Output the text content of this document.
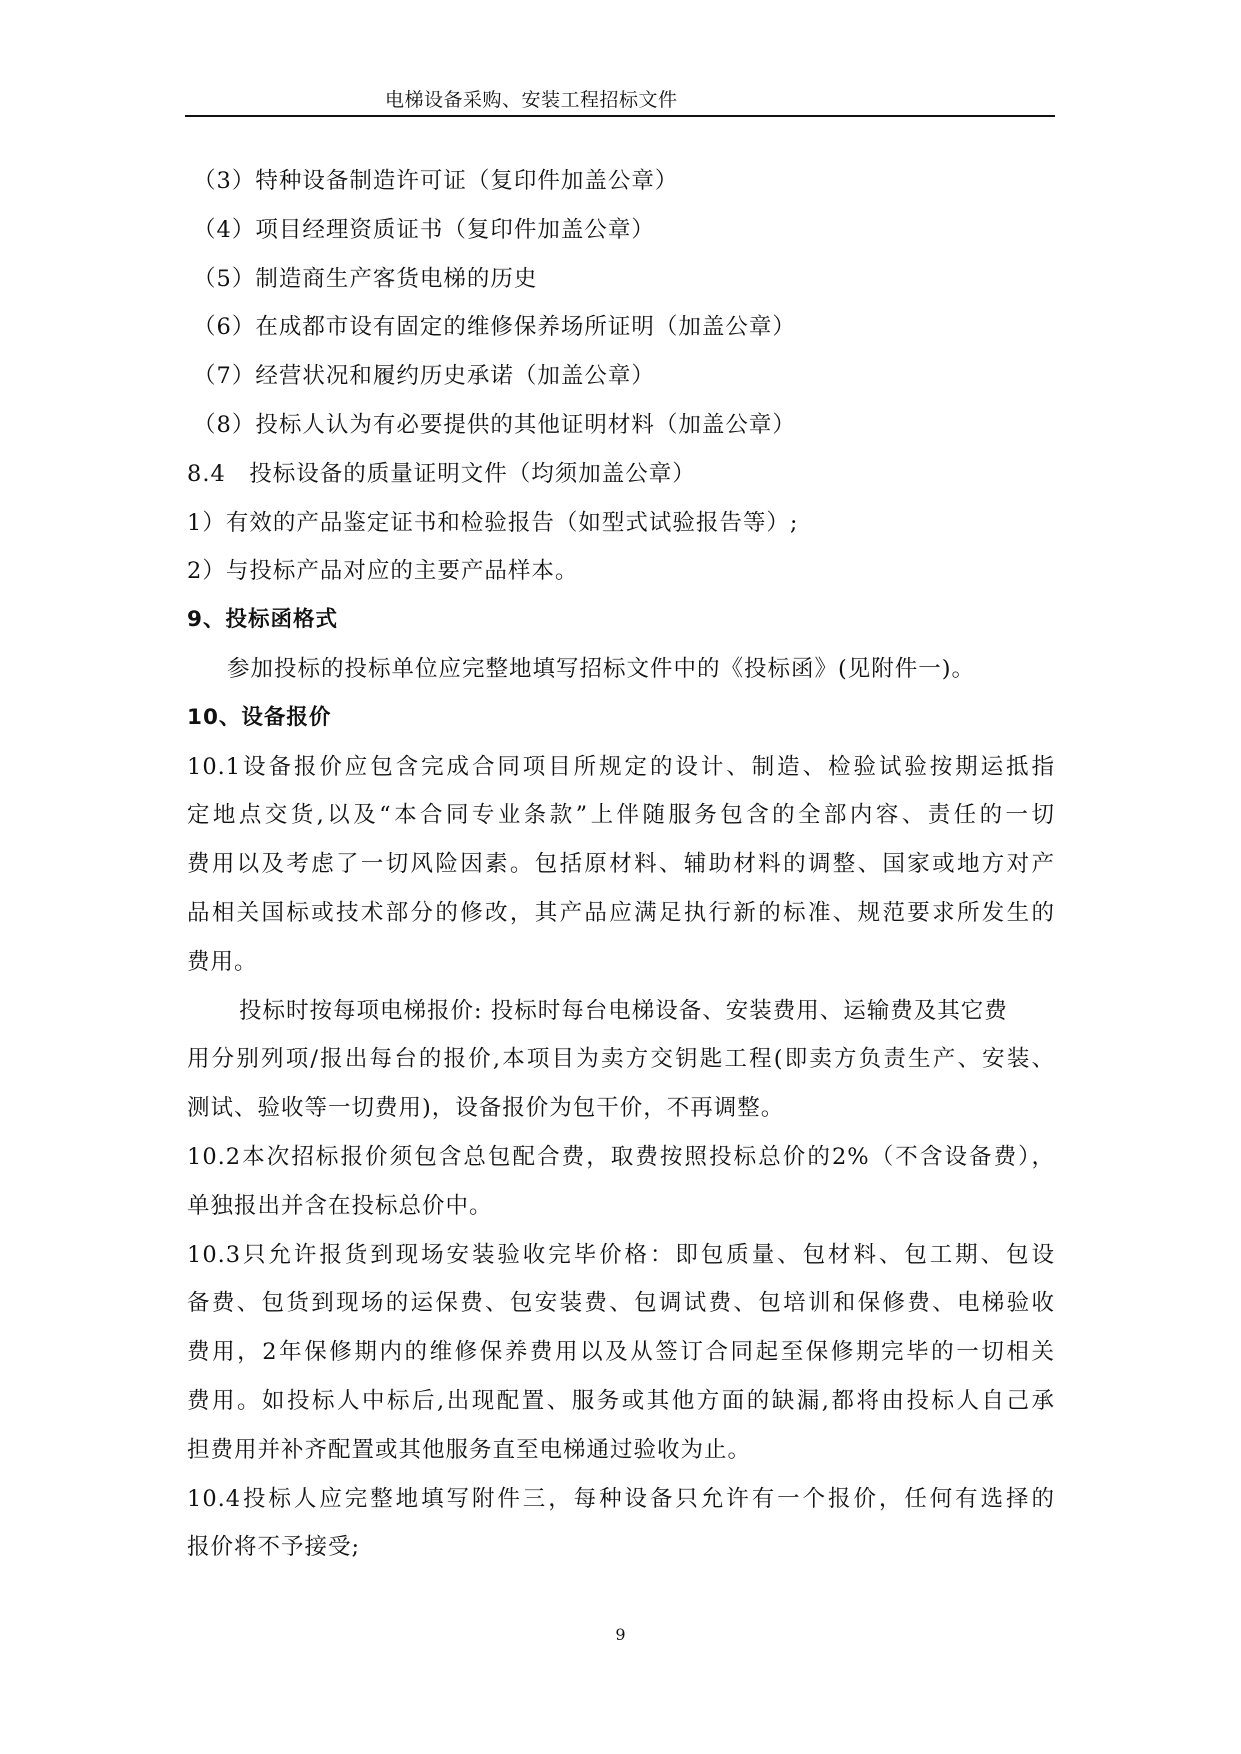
电梯设备采购、安装工程招标文件
（3）特种设备制造许可证（复印件加盖公章）
（4）项目经理资质证书（复印件加盖公章）
（5）制造商生产客货电梯的历史
（6）在成都市设有固定的维修保养场所证明（加盖公章）
（7）经营状况和履约历史承诺（加盖公章）
（8）投标人认为有必要提供的其他证明材料（加盖公章）
8.4　投标设备的质量证明文件（均须加盖公章）
1）有效的产品鉴定证书和检验报告（如型式试验报告等）;
2）与投标产品对应的主要产品样本。
9、投标函格式
参加投标的投标单位应完整地填写招标文件中的《投标函》(见附件一)。
10、设备报价
10.1设备报价应包含完成合同项目所规定的设计、制造、检验试验按期运抵指
定地点交货,以及“本合同专业条款”上伴随服务包含的全部内容、责任的一切
费用以及考虑了一切风险因素。包括原材料、辅助材料的调整、国家或地方对产
品相关国标或技术部分的修改，其产品应满足执行新的标准、规范要求所发生的
费用。
投标时按每项电梯报价: 投标时每台电梯设备、安装费用、运输费及其它费
用分别列项/报出每台的报价,本项目为卖方交钥匙工程(即卖方负责生产、安装、
测试、验收等一切费用)，设备报价为包干价，不再调整。
10.2本次招标报价须包含总包配合费，取费按照投标总价的2%（不含设备费），
单独报出并含在投标总价中。
10.3只允许报货到现场安装验收完毕价格：即包质量、包材料、包工期、包设
备费、包货到现场的运保费、包安装费、包调试费、包培训和保修费、电梯验收
费用，2年保修期内的维修保养费用以及从签订合同起至保修期完毕的一切相关
费用。如投标人中标后,出现配置、服务或其他方面的缺漏,都将由投标人自己承
担费用并补齐配置或其他服务直至电梯通过验收为止。
10.4投标人应完整地填写附件三，每种设备只允许有一个报价，任何有选择的
报价将不予接受;
9
